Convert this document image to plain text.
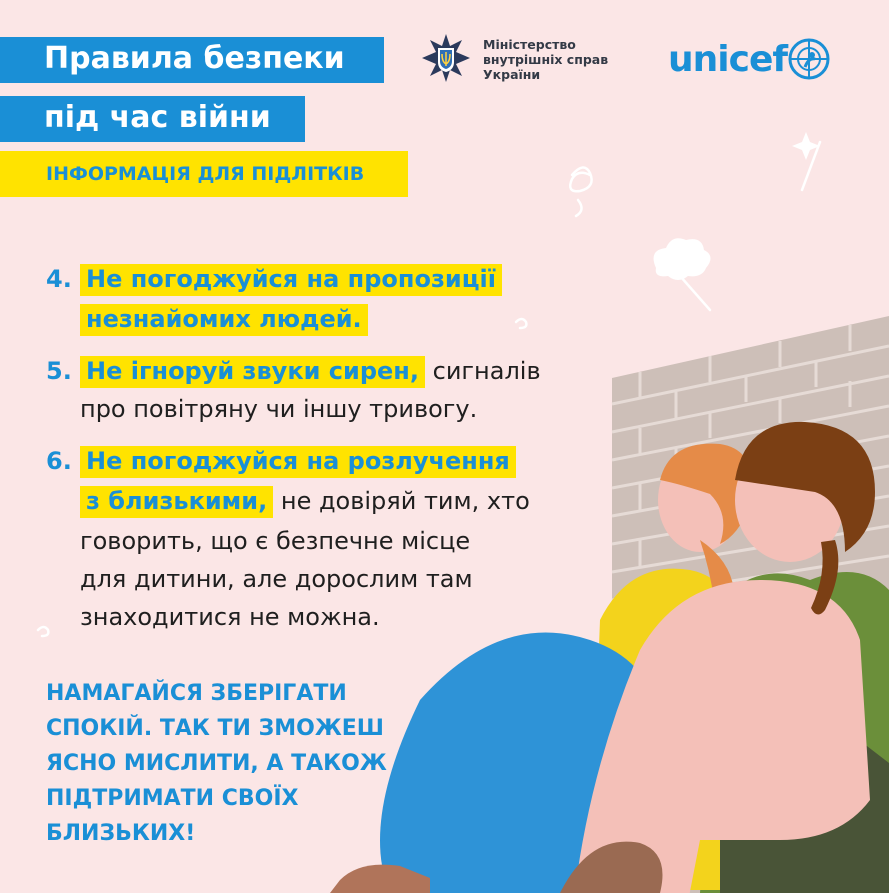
Правила безпеки
під час війни
ІНФОРМАЦІЯ ДЛЯ ПІДЛІТКІВ
Міністерство
внутрішніх справ
України	unicef
4. Не погоджуйся на пропозиції
незнайомих людей.
5. Не ігноруй звуки сирен, сигналів
про повітряну чи іншу тривогу.
6. Не погоджуйся на розлучення
з близькими, не довіряй тим, хто
говорить, що є безпечне місце
для дитини, але дорослим там
знаходитися не можна.
НАМАГАЙСЯ ЗБЕРІГАТИ
СПОКІЙ. ТАК ТИ ЗМОЖЕШ
ЯСНО МИСЛИТИ, А ТАКОЖ
ПІДТРИМАТИ СВОЇХ
БЛИЗЬКИХ!
